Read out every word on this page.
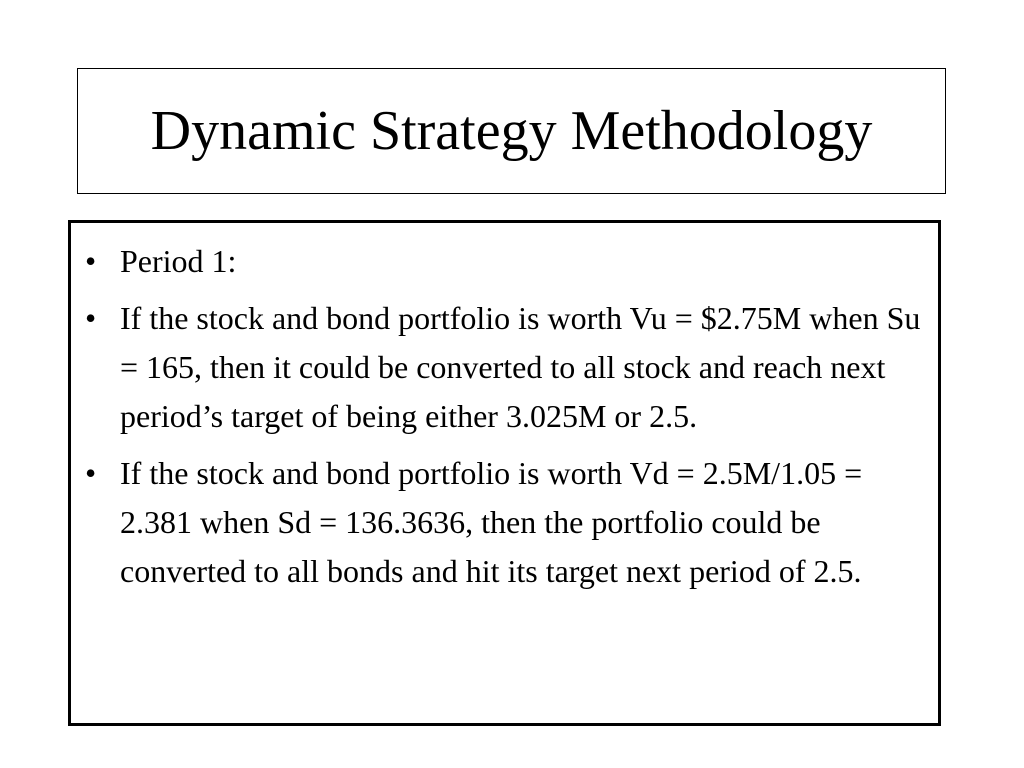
Dynamic Strategy Methodology
• Period 1:
• If the stock and bond portfolio is worth Vu = $2.75M when Su = 165, then it could be converted to all stock and reach next period’s target of being either 3.025M or 2.5.
• If the stock and bond portfolio is worth Vd = 2.5M/1.05 = 2.381 when Sd = 136.3636, then the portfolio could be converted to all bonds and hit its target next period of 2.5.
